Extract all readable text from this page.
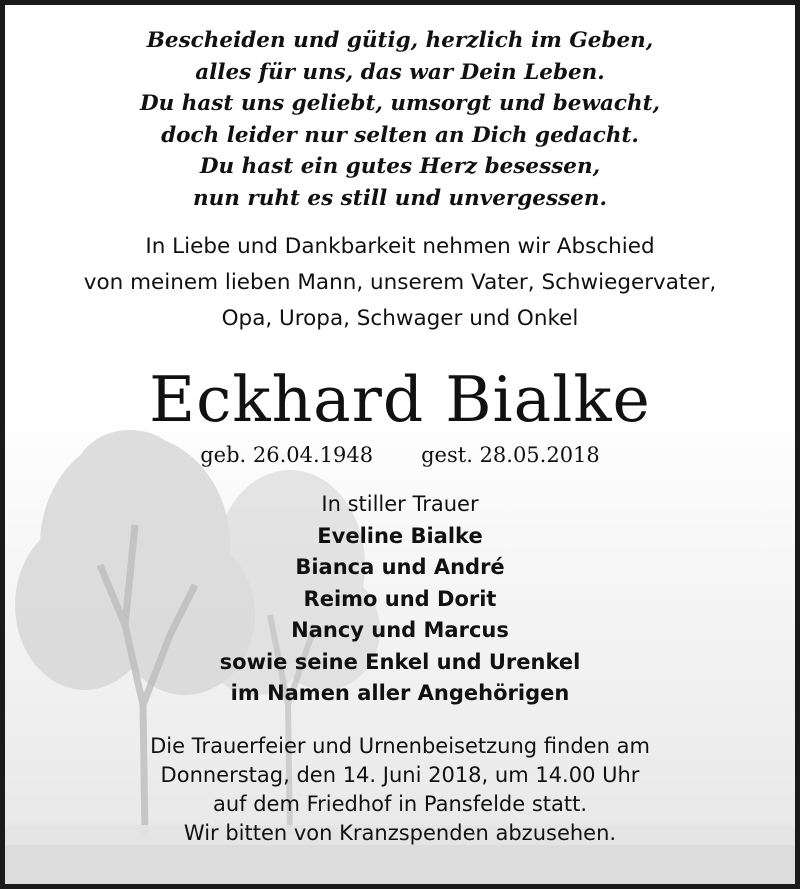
Bescheiden und gütig, herzlich im Geben,
alles für uns, das war Dein Leben.
Du hast uns geliebt, umsorgt und bewacht,
doch leider nur selten an Dich gedacht.
Du hast ein gutes Herz besessen,
nun ruht es still und unvergessen.
In Liebe und Dankbarkeit nehmen wir Abschied
von meinem lieben Mann, unserem Vater, Schwiegervater,
Opa, Uropa, Schwager und Onkel
Eckhard Bialke
geb. 26.04.1948 gest. 28.05.2018
In stiller Trauer
Eveline Bialke
Bianca und André
Reimo und Dorit
Nancy und Marcus
sowie seine Enkel und Urenkel
im Namen aller Angehörigen
Die Trauerfeier und Urnenbeisetzung finden am
Donnerstag, den 14. Juni 2018, um 14.00 Uhr
auf dem Friedhof in Pansfelde statt.
Wir bitten von Kranzspenden abzusehen.
